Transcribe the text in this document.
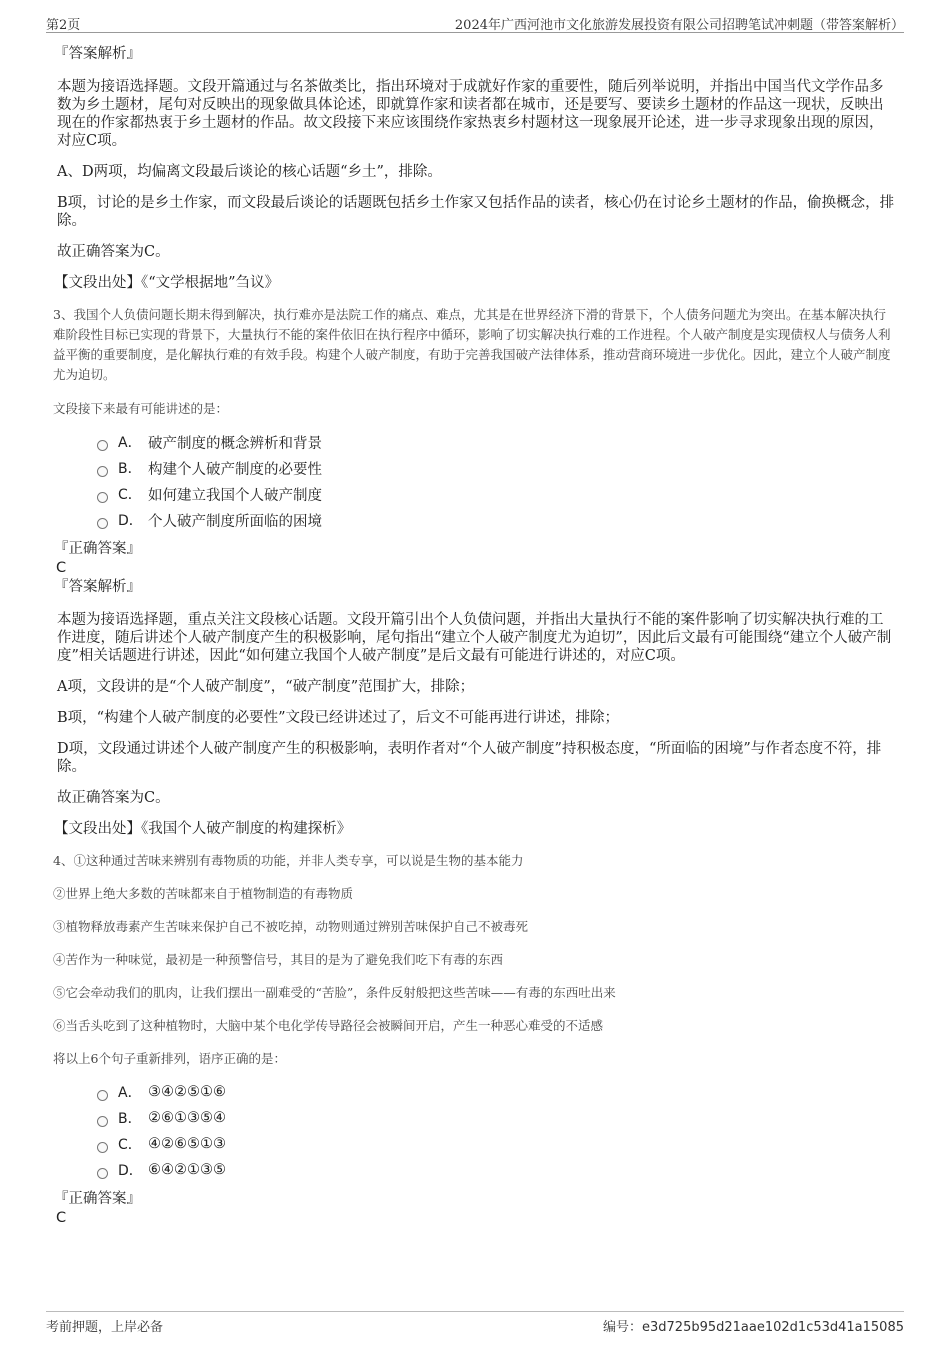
第2页	2024年广西河池市文化旅游发展投资有限公司招聘笔试冲刺题（带答案解析）
『答案解析』

本题为接语选择题。文段开篇通过与名茶做类比，指出环境对于成就好作家的重要性，随后列举说明，并指出中国当代文学作品多数为乡土题材，尾句对反映出的现象做具体论述，即就算作家和读者都在城市，还是要写、要读乡土题材的作品这一现状，反映出现在的作家都热衷于乡土题材的作品。故文段接下来应该围绕作家热衷乡村题材这一现象展开论述，进一步寻求现象出现的原因，对应C项。

A、D两项，均偏离文段最后谈论的核心话题“乡土”，排除。

B项，讨论的是乡土作家，而文段最后谈论的话题既包括乡土作家又包括作品的读者，核心仍在讨论乡土题材的作品，偷换概念，排除。

故正确答案为C。

【文段出处】《“文学根据地”刍议》

3、我国个人负债问题长期未得到解决，执行难亦是法院工作的痛点、难点，尤其是在世界经济下滑的背景下，个人债务问题尤为突出。在基本解决执行难阶段性目标已实现的背景下，大量执行不能的案件依旧在执行程序中循环，影响了切实解决执行难的工作进程。个人破产制度是实现债权人与债务人利益平衡的重要制度，是化解执行难的有效手段。构建个人破产制度，有助于完善我国破产法律体系，推动营商环境进一步优化。因此，建立个人破产制度尤为迫切。

文段接下来最有可能讲述的是：

A． 破产制度的概念辨析和背景
B． 构建个人破产制度的必要性
C． 如何建立我国个人破产制度
D． 个人破产制度所面临的困境
『正确答案』
C
『答案解析』

本题为接语选择题，重点关注文段核心话题。文段开篇引出个人负债问题，并指出大量执行不能的案件影响了切实解决执行难的工作进度，随后讲述个人破产制度产生的积极影响，尾句指出“建立个人破产制度尤为迫切”，因此后文最有可能围绕“建立个人破产制度”相关话题进行讲述，因此“如何建立我国个人破产制度”是后文最有可能进行讲述的，对应C项。

A项，文段讲的是“个人破产制度”，“破产制度”范围扩大，排除；

B项，“构建个人破产制度的必要性”文段已经讲述过了，后文不可能再进行讲述，排除；

D项，文段通过讲述个人破产制度产生的积极影响，表明作者对“个人破产制度”持积极态度，“所面临的困境”与作者态度不符，排除。

故正确答案为C。

【文段出处】《我国个人破产制度的构建探析》

4、①这种通过苦味来辨别有毒物质的功能，并非人类专享，可以说是生物的基本能力

②世界上绝大多数的苦味都来自于植物制造的有毒物质

③植物释放毒素产生苦味来保护自己不被吃掉，动物则通过辨别苦味保护自己不被毒死

④苦作为一种味觉，最初是一种预警信号，其目的是为了避免我们吃下有毒的东西

⑤它会牵动我们的肌肉，让我们摆出一副难受的“苦脸”，条件反射般把这些苦味——有毒的东西吐出来

⑥当舌头吃到了这种植物时，大脑中某个电化学传导路径会被瞬间开启，产生一种恶心难受的不适感

将以上6个句子重新排列，语序正确的是：

A． ③④②⑤①⑥
B． ②⑥①③⑤④
C． ④②⑥⑤①③
D． ⑥④②①③⑤
『正确答案』
C
考前押题，上岸必备	编号：e3d725b95d21aae102d1c53d41a15085
